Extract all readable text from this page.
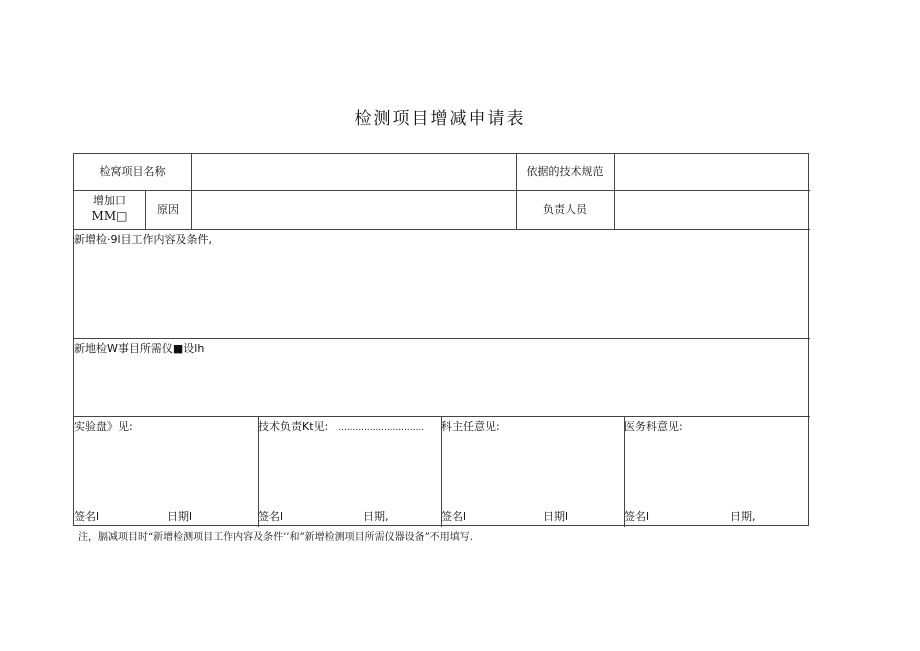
检测项目增减申请表
检窝项目名称	依据的技术规范
增加口
MM□	原因	负责人员
新增检·9l目工作内容及条件,
新地检W事目所需仪■设lh
实验盘》见:
签名l	日期l
技术负责Kt见: ..............................
签名l	日期,
科主任意见:
签名l	日期l
医务科意见:
签名l	日期,
注，膈减项目时“新增检测项目工作内容及条件’’和”新增检测项目所需仪器设备”不用填写.
